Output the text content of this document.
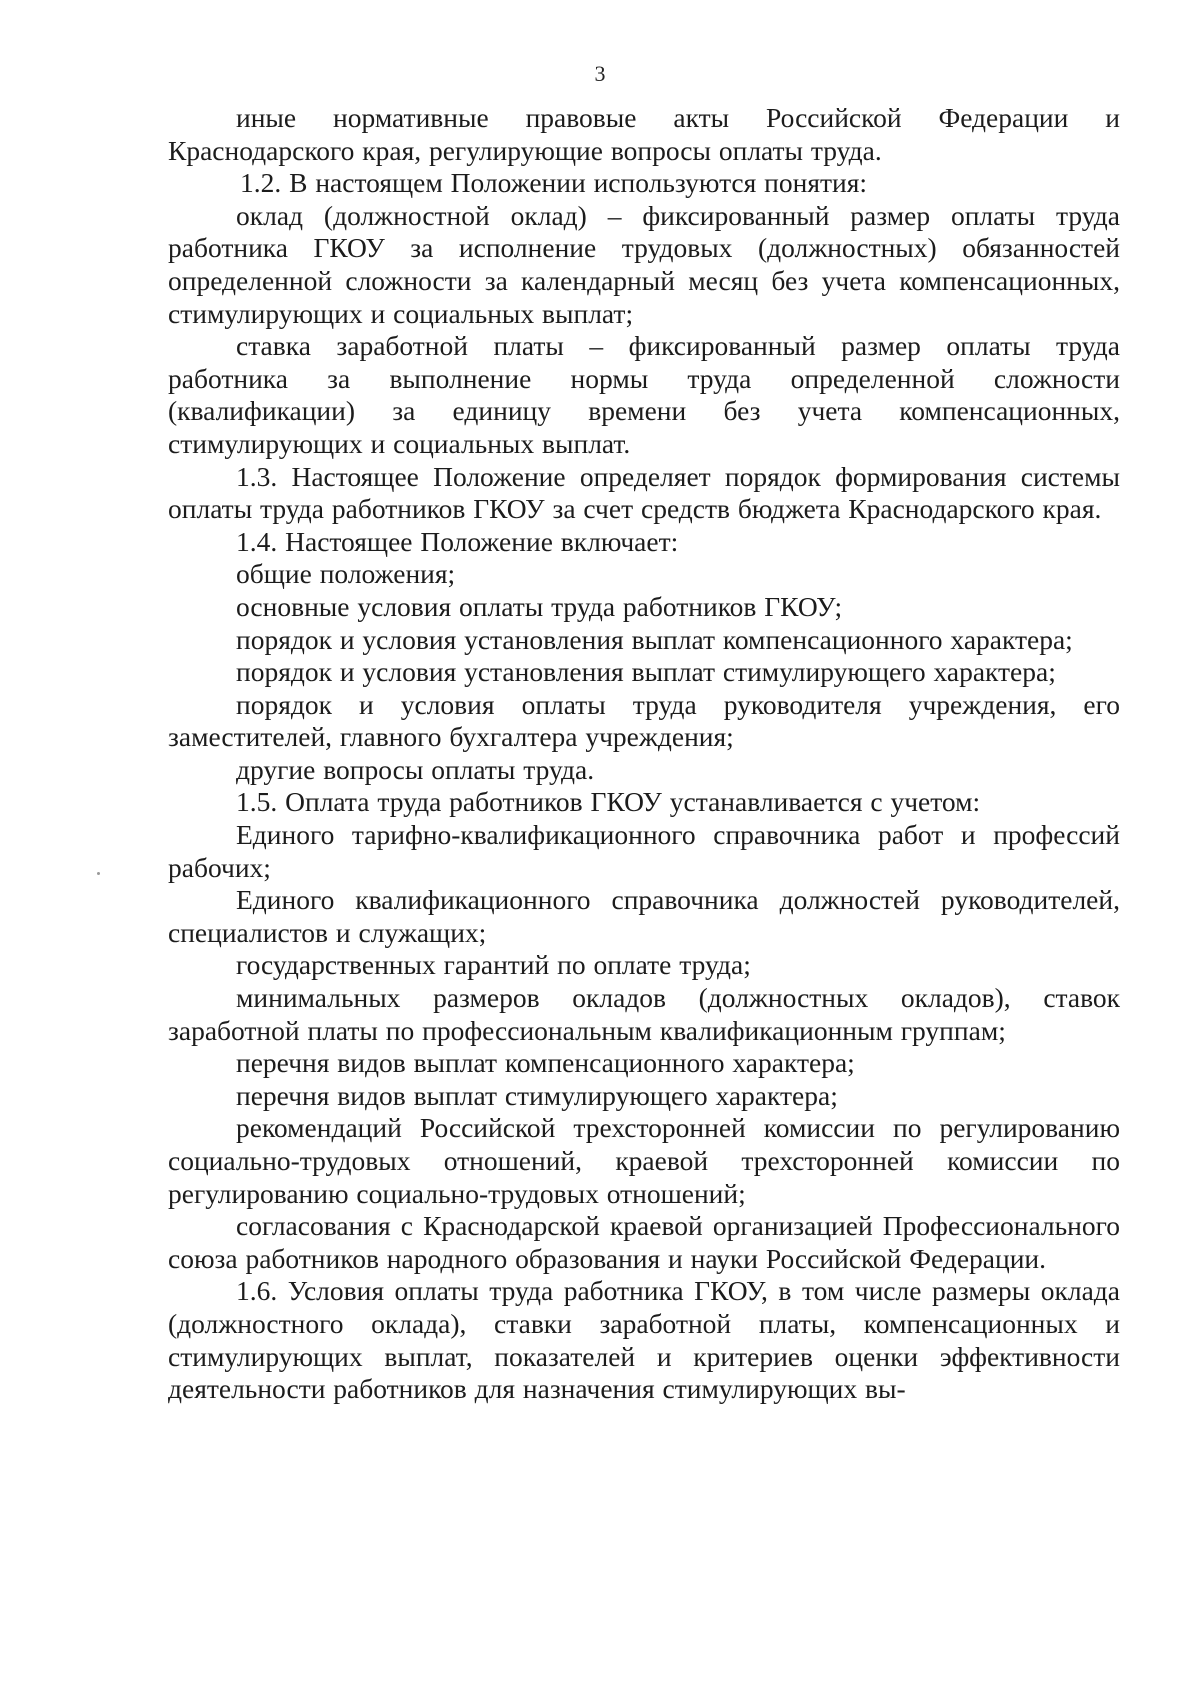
3

иные нормативные правовые акты Российской Федерации и Краснодарского края, регулирующие вопросы оплаты труда.

1.2. В настоящем Положении используются понятия:

оклад (должностной оклад) – фиксированный размер оплаты труда работника ГКОУ за исполнение трудовых (должностных) обязанностей определенной сложности за календарный месяц без учета компенсационных, стимулирующих и социальных выплат;

ставка заработной платы – фиксированный размер оплаты труда работника за выполнение нормы труда определенной сложности (квалификации) за единицу времени без учета компенсационных, стимулирующих и социальных выплат.

1.3. Настоящее Положение определяет порядок формирования системы оплаты труда работников ГКОУ за счет средств бюджета Краснодарского края.

1.4. Настоящее Положение включает:

общие положения;

основные условия оплаты труда работников ГКОУ;

порядок и условия установления выплат компенсационного характера;

порядок и условия установления выплат стимулирующего характера;

порядок и условия оплаты труда руководителя учреждения, его заместителей, главного бухгалтера учреждения;

другие вопросы оплаты труда.

1.5. Оплата труда работников ГКОУ устанавливается с учетом:

Единого тарифно-квалификационного справочника работ и профессий рабочих;

Единого квалификационного справочника должностей руководителей, специалистов и служащих;

государственных гарантий по оплате труда;

минимальных размеров окладов (должностных окладов), ставок заработной платы по профессиональным квалификационным группам;

перечня видов выплат компенсационного характера;

перечня видов выплат стимулирующего характера;

рекомендаций Российской трехсторонней комиссии по регулированию социально-трудовых отношений, краевой трехсторонней комиссии по регулированию социально-трудовых отношений;

согласования с Краснодарской краевой организацией Профессионального союза работников народного образования и науки Российской Федерации.

1.6. Условия оплаты труда работника ГКОУ, в том числе размеры оклада (должностного оклада), ставки заработной платы, компенсационных и стимулирующих выплат, показателей и критериев оценки эффективности деятельности работников для назначения стимулирующих вы-
